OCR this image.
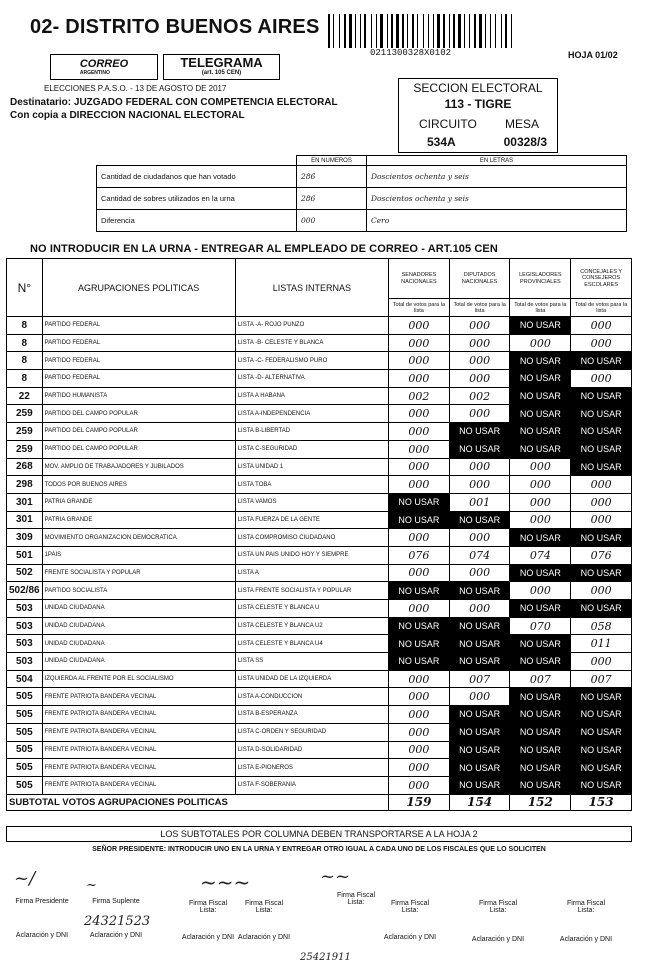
02- DISTRITO BUENOS AIRES
0211300328X0102	HOJA 01/02
CORREO
ARGENTINO
TELEGRAMA
(art. 105 CEN)
ELECCIONES P.A.S.O. - 13 DE AGOSTO DE 2017
Destinatario: JUZGADO FEDERAL CON COMPETENCIA ELECTORAL
Con copia a DIRECCION NACIONAL ELECTORAL
SECCION ELECTORAL
113 - TIGRE
CIRCUITO MESA
534A	00328/3
	EN NUMEROS	EN LETRAS
Cantidad de ciudadanos que han votado	286	Doscientos ochenta y seis
Cantidad de sobres utilizados en la urna	286	Doscientos ochenta y seis
Diferencia	000	Cero
NO INTRODUCIR EN LA URNA - ENTREGAR AL EMPLEADO DE CORREO - ART.105 CEN
N°	AGRUPACIONES POLITICAS	LISTAS INTERNAS	SENADORES NACIONALES	DIPUTADOS NACIONALES	LEGISLADORES PROVINCIALES	CONCEJALES Y CONSEJEROS ESCOLARES
			Total de votos para la lista	Total de votos para la lista	Total de votos para la lista	Total de votos para la lista
8	PARTIDO FEDERAL	LISTA -A- ROJO PUNZO	000	000	NO USAR	000
8	PARTIDO FEDERAL	LISTA -B- CELESTE Y BLANCA	000	000	000	000
8	PARTIDO FEDERAL	LISTA -C- FEDERALISMO PURO	000	000	NO USAR	NO USAR
8	PARTIDO FEDERAL	LISTA -D- ALTERNATIVA	000	000	NO USAR	000
22	PARTIDO HUMANISTA	LISTA A HABANA	002	002	NO USAR	NO USAR
259	PARTIDO DEL CAMPO POPULAR	LISTA A-INDEPENDENCIA	000	000	NO USAR	NO USAR
259	PARTIDO DEL CAMPO POPULAR	LISTA B-LIBERTAD	000	NO USAR	NO USAR	NO USAR
259	PARTIDO DEL CAMPO POPULAR	LISTA C-SEGURIDAD	000	NO USAR	NO USAR	NO USAR
268	MOV. AMPLIO DE TRABAJADORES Y JUBILADOS	LISTA UNIDAD 1	000	000	000	NO USAR
298	TODOS POR BUENOS AIRES	LISTA TOBA	000	000	000	000
301	PATRIA GRANDE	LISTA VAMOS	NO USAR	001	000	000
301	PATRIA GRANDE	LISTA FUERZA DE LA GENTE	NO USAR	NO USAR	000	000
309	MOVIMIENTO ORGANIZACION DEMOCRATICA	LISTA COMPROMISO CIUDADANO	000	000	NO USAR	NO USAR
501	1PAIS	LISTA UN PAIS UNIDO HOY Y SIEMPRE	076	074	074	076
502	FRENTE SOCIALISTA Y POPULAR	LISTA A	000	000	NO USAR	NO USAR
502/86	PARTIDO SOCIALISTA	LISTA FRENTE SOCIALISTA Y POPULAR	NO USAR	NO USAR	000	000
503	UNIDAD CIUDADANA	LISTA CELESTE Y BLANCA U	000	000	NO USAR	NO USAR
503	UNIDAD CIUDADANA	LISTA CELESTE Y BLANCA U2	NO USAR	NO USAR	070	058
503	UNIDAD CIUDADANA	LISTA CELESTE Y BLANCA U4	NO USAR	NO USAR	NO USAR	011
503	UNIDAD CIUDADANA	LISTA SS	NO USAR	NO USAR	NO USAR	000
504	IZQUIERDA AL FRENTE POR EL SOCIALISMO	LISTA UNIDAD DE LA IZQUIERDA	000	007	007	007
505	FRENTE PATRIOTA BANDERA VECINAL	LISTA A-CONDUCCION	000	000	NO USAR	NO USAR
505	FRENTE PATRIOTA BANDERA VECINAL	LISTA B-ESPERANZA	000	NO USAR	NO USAR	NO USAR
505	FRENTE PATRIOTA BANDERA VECINAL	LISTA C-ORDEN Y SEGURIDAD	000	NO USAR	NO USAR	NO USAR
505	FRENTE PATRIOTA BANDERA VECINAL	LISTA D-SOLIDARIDAD	000	NO USAR	NO USAR	NO USAR
505	FRENTE PATRIOTA BANDERA VECINAL	LISTA E-PIONEROS	000	NO USAR	NO USAR	NO USAR
505	FRENTE PATRIOTA BANDERA VECINAL	LISTA F-SOBERANIA	000	NO USAR	NO USAR	NO USAR
SUBTOTAL VOTOS AGRUPACIONES POLITICAS			159	154	152	153
LOS SUBTOTALES POR COLUMNA DEBEN TRANSPORTARSE A LA HOJA 2
SEÑOR PRESIDENTE: INTRODUCIR UNO EN LA URNA Y ENTREGAR OTRO IGUAL A CADA UNO DE LOS FISCALES QUE LO SOLICITEN
~/
Firma Presidente
Aclaración y DNI
~
Firma Suplente
24321523
Aclaración y DNI
Firma Fiscal
Lista:
Aclaración y DNI
Firma Fiscal
Lista:
Aclaración y DNI
Firma Fiscal
Lista:	Firma Fiscal
Lista:
Aclaración y DNI
Firma Fiscal
Lista:
Aclaración y DNI
Firma Fiscal
Lista:
Aclaración y DNI
~~~	~~
25421911
